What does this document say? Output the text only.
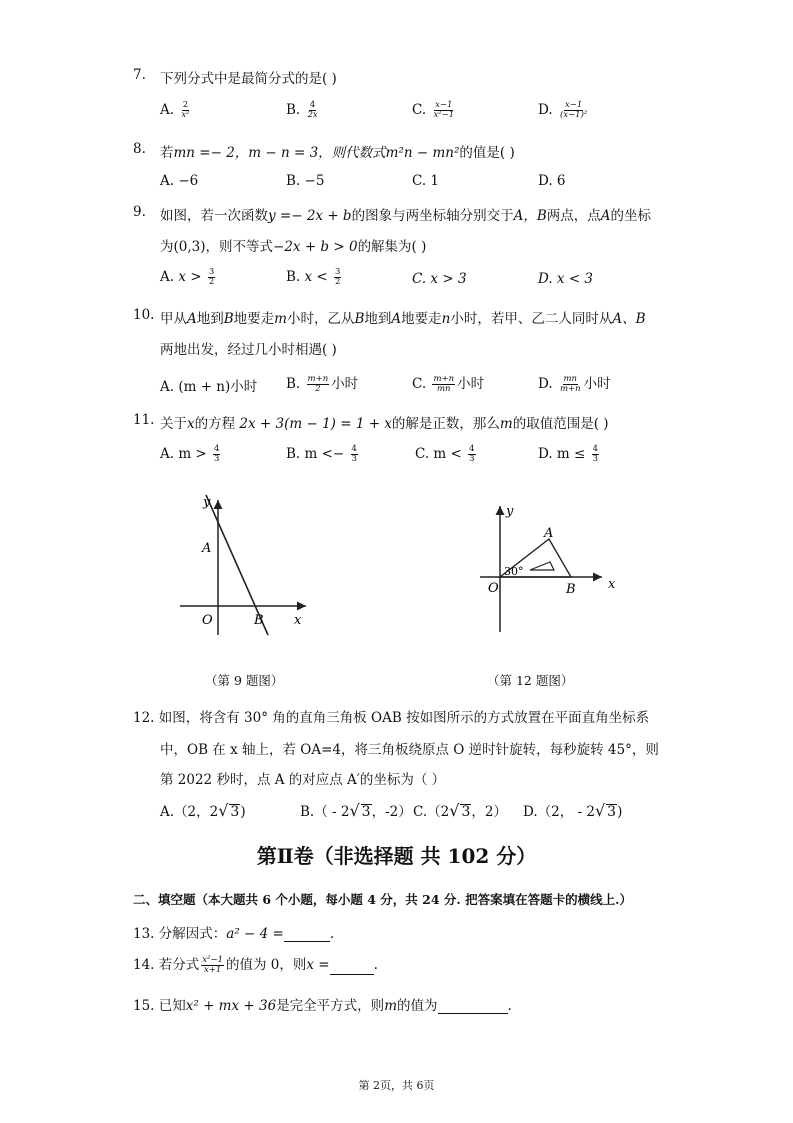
7. 下列分式中是最简分式的是( )
A. $\frac{2}{\text{x²}}$	B. $\frac{4}{2x}$	C. $\frac{x-1}{\text{x²−1}}$	D. $\frac{x-1}{\text{(x−1)²}}$
8. 若mn =− 2，m − n = 3，则代数式m²n − mn²的值是( )
A. −6	B. −5	C. 1	D. 6
9. 如图，若一次函数y =− 2x + b的图象与两坐标轴分别交于A，B两点，点A的坐标
为(0,3)，则不等式−2x + b > 0的解集为( )
A. $x > \frac{3}{2}$	B. $x < \frac{3}{2}$	C. x > 3	D. x < 3
10. 甲从A地到B地要走m小时，乙从B地到A地要走n小时，若甲、乙二人同时从A、B
两地出发，经过几小时相遇( )
A. (m + n)小时 B. $\frac{m+n}{2}$ 小时	C. $\frac{m+n}{mn}$ 小时	D. $\frac{mn}{m+n}$ 小时
11. 关于x的方程 2x + 3(m − 1) = 1 + x的解是正数，那么m的取值范围是( )
A. $m > \frac{4}{3}$	B. $m <- \frac{4}{3}$	C. $m < \frac{4}{3}$	D. $m \le \frac{4}{3}$
y
A
O	B x
（第 9 题图）
y
A
30°
O	B x
（第 12 题图）
12. 如图，将含有 30° 角的直角三角板 OAB 按如图所示的方式放置在平面直角坐标系
中，OB 在 x 轴上，若 OA=4，将三角板绕原点 O 逆时针旋转，每秒旋转 45°，则
第 2022 秒时，点 A 的对应点 A′的坐标为（ ）
A.（2，2√ 3)	B.（ - 2√ 3，-2） C.（2√ 3，2） D.（2， - 2√ 3)
第Ⅱ卷（非选择题 共 102 分）
二、填空题（本大题共 6 个小题，每小题 4 分，共 24 分. 把答案填在答题卡的横线上.）
13. 分解因式：a² − 4 =	.
14. 若分式 $\frac{\text{x²−1}}{x+1}$ 的值为 0，则x =	.
15. 已知x² + mx + 36是完全平方式，则m的值为	.
第 2页，共 6页
